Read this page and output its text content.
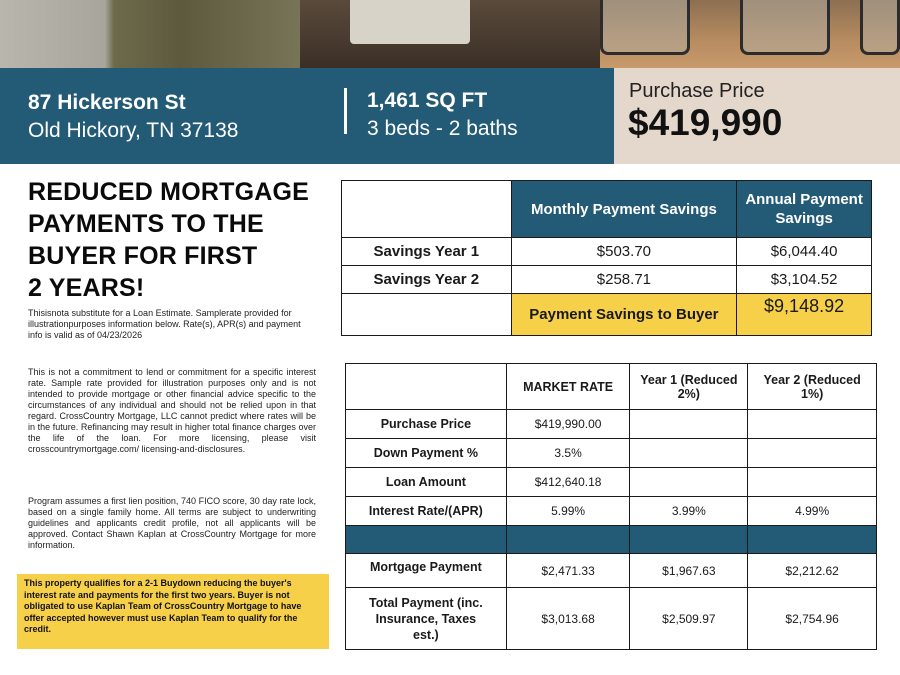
87 Hickerson St
Old Hickory, TN 37138
1,461 SQ FT
3 beds - 2 baths
Purchase Price
$419,990
REDUCED MORTGAGE
PAYMENTS TO THE
BUYER FOR FIRST
2 YEARS!
Thisisnota substitute for a Loan Estimate. Samplerate provided for illustrationpurposes information below. Rate(s), APR(s) and payment info is valid as of 04/23/2026
This is not a commitment to lend or commitment for a specific interest rate. Sample rate provided for illustration purposes only and is not intended to provide mortgage or other financial advice specific to the circumstances of any individual and should not be relied upon in that regard. CrossCountry Mortgage, LLC cannot predict where rates will be in the future. Refinancing may result in higher total finance charges over the life of the loan. For more licensing, please visit crosscountrymortgage.com/ licensing-and-disclosures.
Program assumes a first lien position, 740 FICO score, 30 day rate lock, based on a single family home. All terms are subject to underwriting guidelines and applicants credit profile, not all applicants will be approved. Contact Shawn Kaplan at CrossCountry Mortgage for more information.
This property qualifies for a 2-1 Buydown reducing the buyer's interest rate and payments for the first two years. Buyer is not obligated to use Kaplan Team of CrossCountry Mortgage to have offer accepted however must use Kaplan Team to qualify for the credit.
	Monthly Payment Savings	Annual Payment Savings
Savings Year 1	$503.70	$6,044.40
Savings Year 2	$258.71	$3,104.52
	Payment Savings to Buyer	$9,148.92
	MARKET RATE	Year 1 (Reduced 2%)	Year 2 (Reduced 1%)
Purchase Price	$419,990.00		
Down Payment %	3.5%		
Loan Amount	$412,640.18		
Interest Rate/(APR)	5.99%	3.99%	4.99%

Mortgage Payment	$2,471.33	$1,967.63	$2,212.62
Total Payment (inc. Insurance, Taxes est.)	$3,013.68	$2,509.97	$2,754.96
